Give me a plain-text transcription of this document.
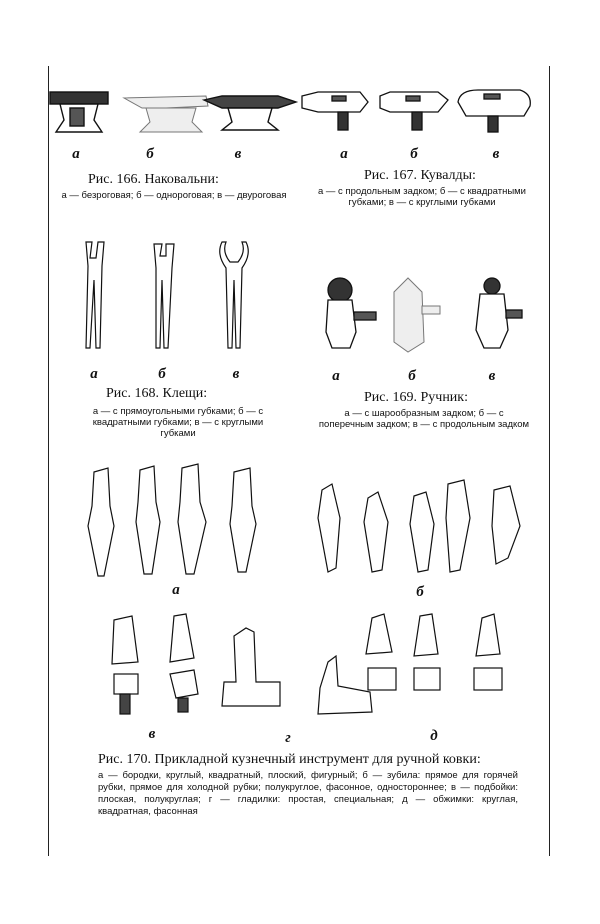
а	б	в
Рис. 166. Наковальни:
а — безроговая; б — однороговая; в — двуроговая
а	б	в
Рис. 167. Кувалды:
а — с продольным задком; б — с квадратными губками; в — с круглыми губками
а	б	в
Рис. 168. Клещи:
а — с прямоугольными губками; б — с квадратными губками; в — с круглыми губками
а	б	в
Рис. 169. Ручник:
а — с шарообразным задком; б — с поперечным задком; в — с продольным задком
а	б
в	г	д
Рис. 170. Прикладной кузнечный инструмент для ручной ковки:
а — бородки, круглый, квадратный, плоский, фигурный; б — зубила: прямое для горячей рубки, прямое для холодной рубки; полукруглое, фасонное, одностороннее; в — подбойки: плоская, полукруглая; г — гладилки: простая, специальная; д — обжимки: круглая, квадратная, фасонная
